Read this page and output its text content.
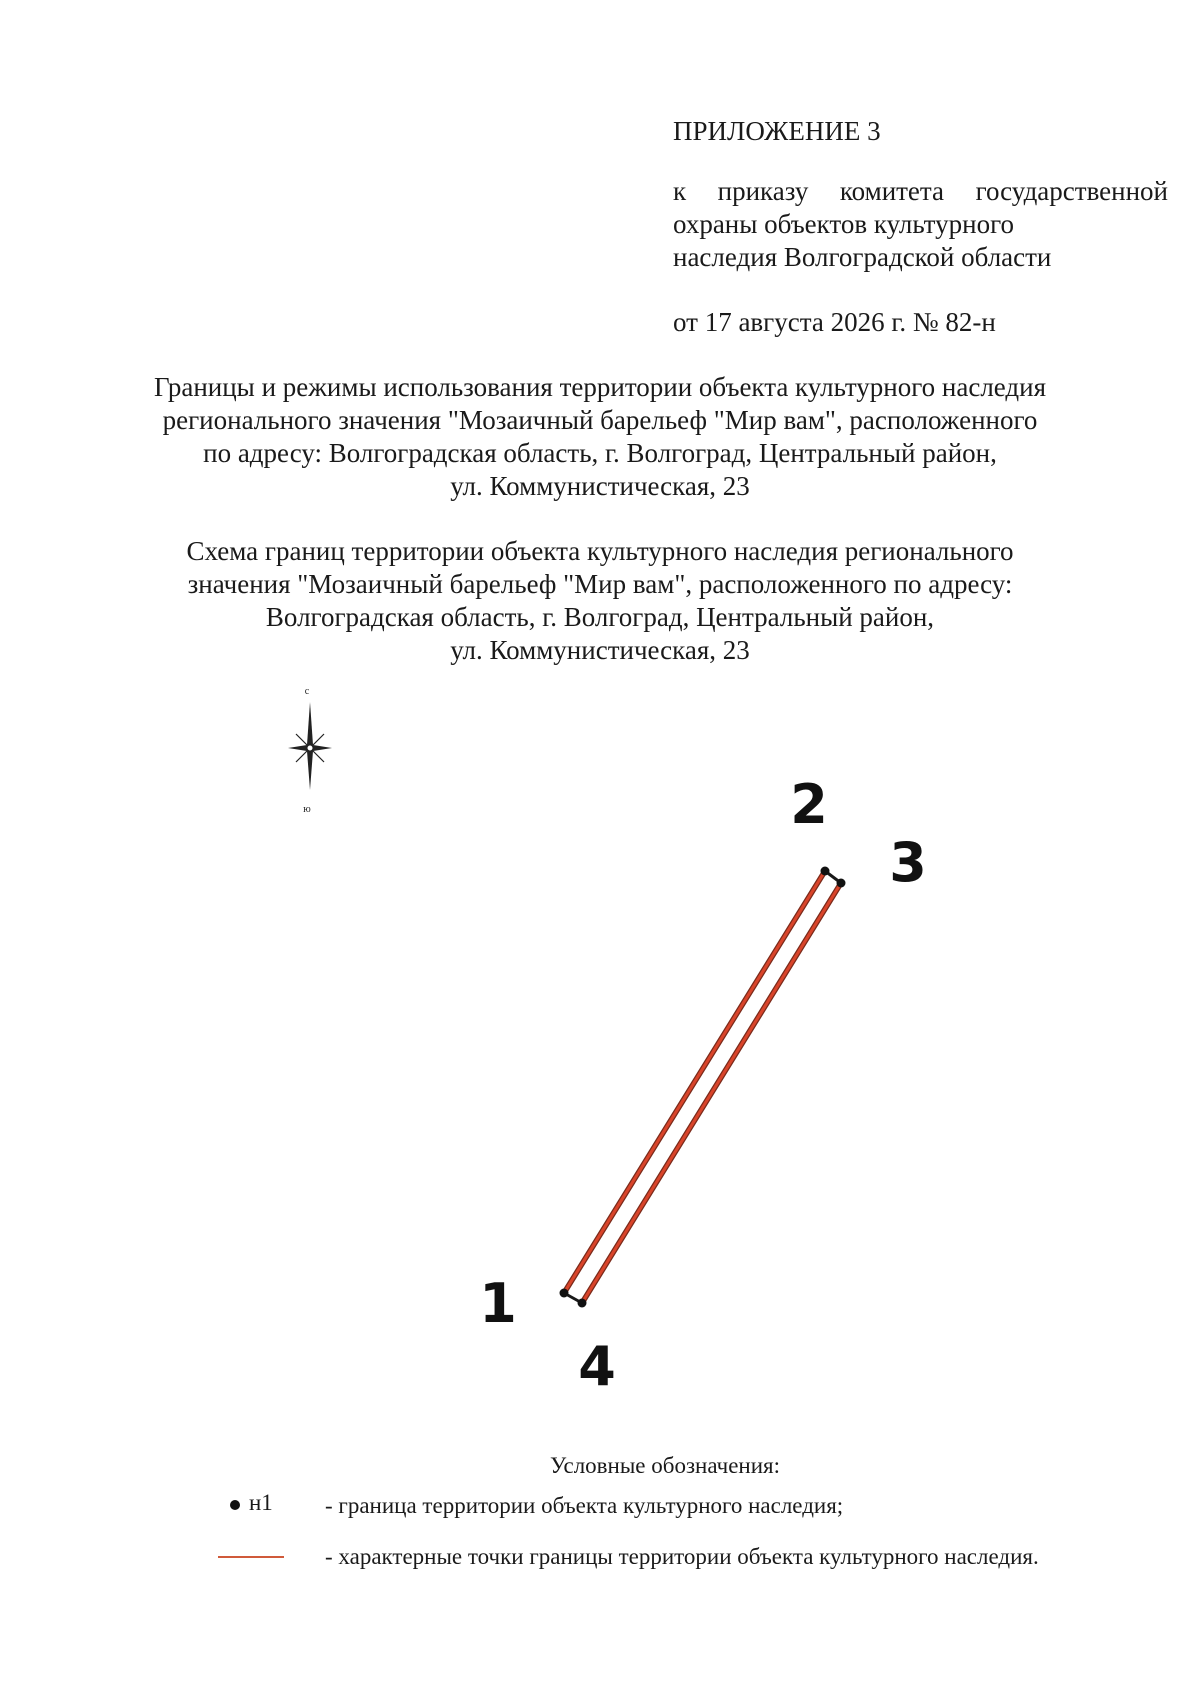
ПРИЛОЖЕНИЕ 3
к приказу комитета государственной
охраны объектов культурного
наследия Волгоградской области
от 17 августа 2026 г. № 82-н
Границы и режимы использования территории объекта культурного наследия
регионального значения "Мозаичный барельеф "Мир вам", расположенного
по адресу: Волгоградская область, г. Волгоград, Центральный район,
ул. Коммунистическая, 23
Схема границ территории объекта культурного наследия регионального
значения "Мозаичный барельеф "Мир вам", расположенного по адресу:
Волгоградская область, г. Волгоград, Центральный район,
ул. Коммунистическая, 23
с
ю
1
2
3
4
Условные обозначения:
н1 - граница территории объекта культурного наследия;
- характерные точки границы территории объекта культурного наследия.
